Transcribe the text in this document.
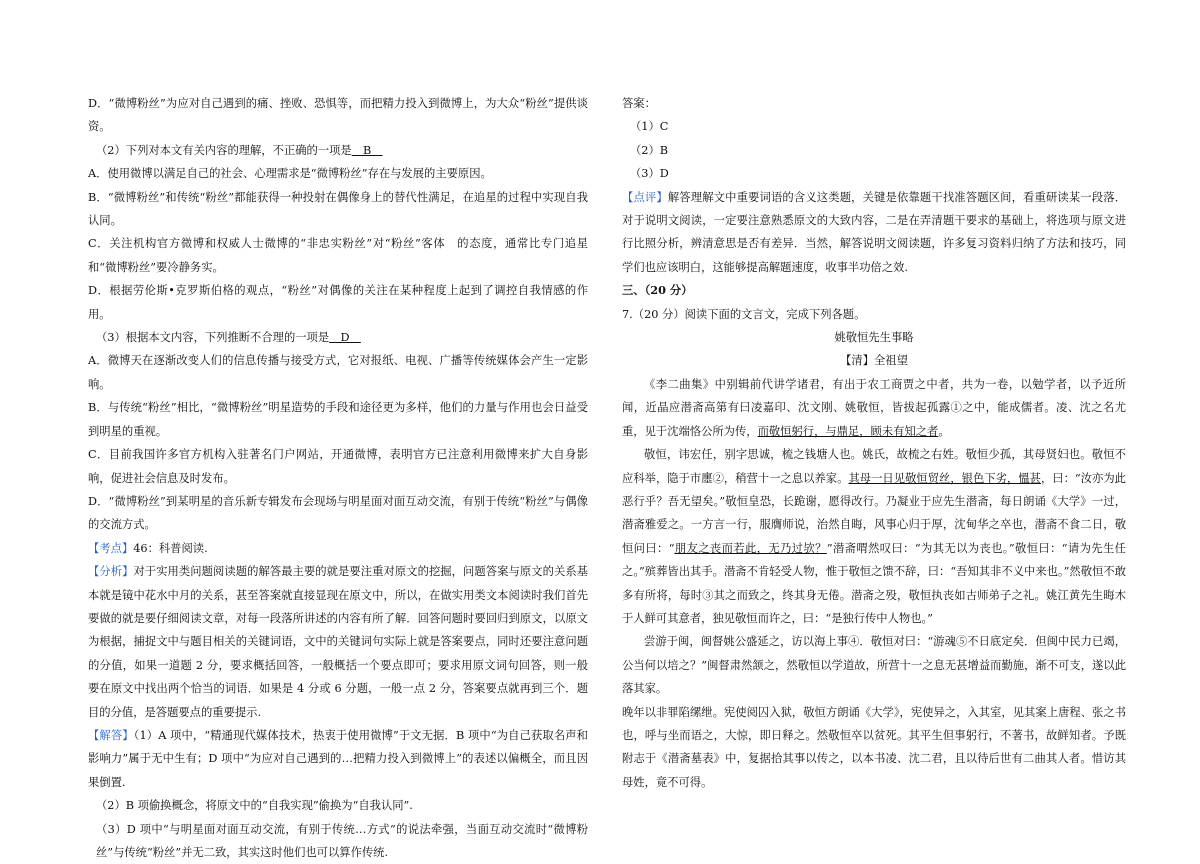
D．“微博粉丝”为应对自己遇到的痛、挫败、恐惧等，而把精力投入到微博上，为大众“粉丝”提供谈资。

（2）下列对本文有关内容的理解，不正确的一项是　B　

A．使用微博以满足自己的社会、心理需求是“微博粉丝”存在与发展的主要原因。

B．“微博粉丝”和传统“粉丝”都能获得一种投射在偶像身上的替代性满足，在追星的过程中实现自我认同。

C．关注机构官方微博和权威人士微博的“非忠实粉丝”对“粉丝”客体　的态度，通常比专门追星和“微博粉丝”要冷静务实。

D．根据劳伦斯•克罗斯伯格的观点，“粉丝”对偶像的关注在某种程度上起到了调控自我情感的作用。

（3）根据本文内容，下列推断不合理的一项是　D　

A．微博天在逐渐改变人们的信息传播与接受方式，它对报纸、电视、广播等传统媒体会产生一定影响。

B．与传统“粉丝”相比，“微博粉丝”明星造势的手段和途径更为多样，他们的力量与作用也会日益受到明星的重视。

C．目前我国许多官方机构入驻著名门户网站，开通微博，表明官方已注意利用微博来扩大自身影响，促进社会信息及时发布。

D．“微博粉丝”到某明星的音乐新专辑发布会现场与明星面对面互动交流，有别于传统“粉丝”与偶像的交流方式。

【考点】46：科普阅读.

【分析】对于实用类问题阅读题的解答最主要的就是要注重对原文的挖掘，问题答案与原文的关系基本就是镜中花水中月的关系，甚至答案就直接显现在原文中，所以，在做实用类文本阅读时我们首先要做的就是要仔细阅读文章，对每一段落所讲述的内容有所了解．回答问题时要回归到原文，以原文为根据，捕捉文中与题目相关的关键词语，文中的关键词句实际上就是答案要点，同时还要注意问题的分值，如果一道题 2 分，要求概括回答，一般概括一个要点即可；要求用原文词句回答，则一般要在原文中找出两个恰当的词语．如果是 4 分或 6 分题，一般一点 2 分，答案要点就再到三个．题目的分值，是答题要点的重要提示.

【解答】（1）A 项中，“精通现代媒体技术，热衷于使用微博”于文无据．B 项中“为自己获取名声和影响力”属于无中生有；D 项中“为应对自己遇到的…把精力投入到微博上”的表述以偏概全，而且因果倒置.

（2）B 项偷换概念，将原文中的“自我实现”偷换为“自我认同”.

（3）D 项中“与明星面对面互动交流，有别于传统…方式”的说法牵强，当面互动交流时“微博粉丝”与传统“粉丝”并无二致，其实这时他们也可以算作传统.

答案：

（1）C

（2）B

（3）D

【点评】解答理解文中重要词语的含义这类题，关键是依靠题干找准答题区间，看重研读某一段落．对于说明文阅读，一定要注意熟悉原文的大致内容，二是在弄清题干要求的基础上，将选项与原文进行比照分析，辨清意思是否有差异．当然，解答说明文阅读题，许多复习资料归纳了方法和技巧，同学们也应该明白，这能够提高解题速度，收事半功倍之效.

三、（20 分）

7.（20 分）阅读下面的文言文，完成下列各题。

姚敬恒先生事略

【清】全祖望

《李二曲集》中别辑前代讲学诸君，有出于农工商贾之中者，共为一卷，以勉学者，以予近所闻，近晶应潜斋高第有曰凌嘉印、沈文刚、姚敬恒，皆拔起孤露①之中，能成儒者。凌、沈之名尤重，见于沈端恪公所为传，而敬恒躬行，与鼎足，顾未有知之者。

敬恒，讳宏任，别字思诚，梳之钱塘人也。姚氏，故梳之右姓。敬恒少孤，其母贤妇也。敬恒不应科举，隐于市廛②，稍营十一之息以养家。其母一日见敬恒贸丝，银色下劣，慍甚，曰：“汝亦为此恶行乎？吾无望矣。”敬恒皇恐，长跪谢，愿得改行。乃凝业于应先生潜斋，每日朗诵《大学》一过，潜斋雅爱之。一方言一行，服膺师说，治然自晦，风事心归于厚，沈甸华之卒也，潜斋不食二日，敬恒问曰：“朋友之丧而若此，无乃过欤？”潜斋喟然叹曰：“为其无以为丧也。”敬恒曰：“请为先生任之。”殡葬皆出其手。潜斋不肯轻受人物，惟于敬恒之馈不辞，曰：“吾知其非不义中来也。”然敬恒不敢多有所将，每时③其之而致之，终其身无倦。潜斋之殁，敬恒执丧如古师弟子之礼。姚江黄先生晦木于人鲜可其意者，独见敬恒而许之，曰：“是独行传中人物也。”

尝游于闽，闽督姚公盛延之，访以海上事④．敬恒对曰：“游魂⑤不日底定矣．但闽中民力已竭，公当何以培之？”闽督肃然颔之，然敬恒以学道故，所营十一之息无甚增益而勤施，渐不可支，遂以此落其家。

晚年以非罪陷缧绁。宪使阅囚入狱，敬恒方朗诵《大学》，宪使异之，入其室，见其案上唐程、张之书也，呼与坐而语之，大惊，即日释之。然敬恒卒以贫死。其平生但事躬行，不著书，故鲜知者。予既附志于《潜斋墓表》中，复据拾其事以传之，以本书凌、沈二君，且以待后世有二曲其人者。惜访其母姓，竟不可得。
